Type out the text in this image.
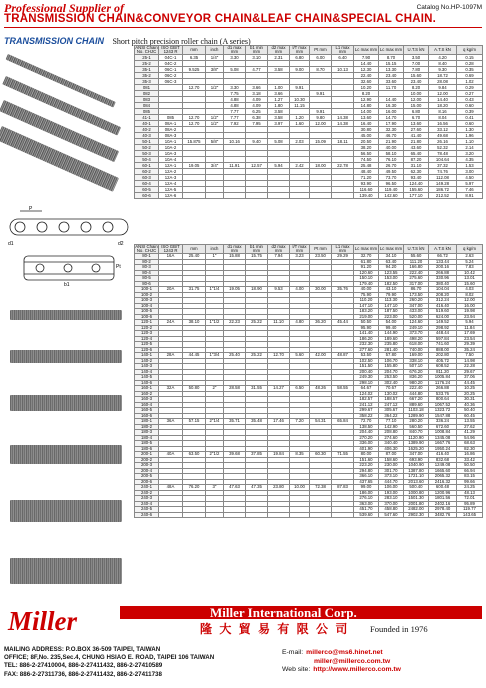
Professional Supplier of	Catalog No.HP-1097M
TRANSMISSION CHAIN&CONVEYOR CHAIN&LEAF CHAIN&SPECIAL CHAIN.
TRANSMISSION CHAIN Short pitch precision roller chain (A series)
P
d1	d2
Pt
b1
ANSI Chain No. CHJC	ISO GB/T 1243 R	mm	inch	d1 max mm	b1 min mm	d2 max mm	l/T max mm	Pt mm	L1 max mm	Lc max mm	Lc max mm	U.T.S kN	A.T.S kN	q kg/m
25-1	04C-1	6.35	1/4"	3.30	3.10	2.31	6.80	6.00	6.40	7.90	8.70	3.50	4.20	0.15
25-2	04C-2									14.40	15.15	7.00	8.40	0.28
35-1	06C-1	9.525	3/8"	5.08	4.77	3.58	9.00	8.70	10.13	12.30	13.30	7.80	9.30	0.35
35-2	06C-2									22.40	23.40	15.60	18.72	0.69
35-3	06C-3									32.60	33.60	23.40	28.08	1.02
081		12.70	1/2"	3.30	3.66	1.00	9.91			10.20	11.70	8.20	9.84	0.29
082				7.75	3.18	3.66		9.91		8.20		10.00	12.00	0.27
083				4.88	4.09	1.27	10.30			12.90	14.40	12.00	14.40	0.43
084				4.88	4.09	1.80	11.15			14.80	16.30	15.00	18.20	0.60
085				7.77	6.25	3.58		9.91		14.00	16.00	6.80	8.16	0.39
41-1	085	12.70	1/2"	7.77	6.38	3.58	1.20	9.80	14.38	13.60	14.70	6.70	8.04	0.41
40-1	08A-1	12.70	1/2"	7.92	7.95	3.97	1.60	12.00	14.38	16.40	17.90	13.60	16.56	0.60
40-2	08A-2									30.80	32.30	27.60	33.12	1.30
40-3	08A-3									45.00	46.70	41.40	49.68	1.96
50-1	10A-1	15.875	5/8"	10.16	9.40	5.08	2.03	15.09	18.11	20.50	21.90	21.80	26.16	1.10
50-2	10A-2									38.20	40.00	43.60	52.32	2.14
50-3	10A-3									56.50	58.10	65.40	78.48	3.20
50-4	10A-4									74.50	76.10	87.20	104.64	4.35
60-1	12A-1	19.05	3/4"	11.91	12.57	5.94	2.42	18.00	22.78	25.48	26.70	31.10	37.32	1.53
60-2	12A-2									48.40	49.50	62.30	74.76	3.00
60-3	12A-3									71.20	73.70	93.40	112.08	4.50
60-4	12A-4									93.90	96.50	124.40	149.28	5.97
60-5	12A-5									116.60	119.40	155.60	186.72	7.46
60-6	12A-6									139.40	142.60	177.10	212.52	8.91
ANSI Chain No. CHJC	ISO GB/T 1243 R	mm	inch	d1 max mm	b1 min mm	d2 max mm	l/T max mm	Pt mm	L1 max mm	Lc max mm	Lc max mm	U.T.S kN	A.T.S kN	q kg/m
80-1	16A	25.40	1"	15.88	15.75	7.94	3.23	23.50	29.29	32.70	34.10	55.60	66.72	2.63
80-2										61.80	63.40	111.20	133.44	5.24
80-3										91.20	94.20	166.80	200.16	7.83
80-4										120.60	123.55	222.40	266.88	10.42
80-5										150.10	153.00	275.60	330.96	13.01
80-6										179.40	182.50	317.00	380.40	15.60
100-1	20A	31.75	1"1/4	19.05	18.90	9.53	4.00	30.00	35.76	40.00	43.10	86.70	104.04	4.03
100-2										75.90	79.90	173.50	208.20	8.02
100-3										110.20	113.30	260.20	312.24	12.00
100-4										147.10	147.10	347.00	416.40	16.00
100-5										183.20	187.50	433.00	519.60	19.98
100-6										219.00	223.00	520.00	624.00	23.94
120-1	24A	38.10	1"1/2	22.23	25.22	11.10	4.80	36.20	45.44	50.50	54.00	124.60	149.52	5.94
120-2										95.90	99.40	249.10	298.92	11.84
120-3										141.40	144.90	373.70	448.44	17.69
120-4										186.20	189.60	498.20	597.84	23.54
120-5										232.30	235.80	618.00	741.60	29.39
120-6										277.60	281.40	740.00	888.00	35.24
140-1	28A	44.45	1"3/4	25.40	25.22	12.70	5.60	42.00	48.87	53.50	57.80	169.00	202.80	7.50
140-2										102.50	106.70	338.10	405.72	14.98
140-3										151.50	155.80	507.10	608.52	22.28
140-4										200.40	204.70	676.20	811.20	29.67
140-5										249.30	253.50	836.20	1005.84	37.06
140-6										298.10	302.40	980.20	1176.24	44.45
160-1	32A	50.80	2"	28.58	31.55	14.27	6.50	48.26	58.55	64.67	70.67	222.40	266.88	10.25
160-2										124.02	130.02	444.80	533.76	20.25
160-3										182.57	188.57	667.20	800.64	30.31
160-4										241.12	247.12	889.60	1067.52	40.36
160-5										299.67	305.67	1103.18	1323.72	50.40
160-6										358.22	364.22	1289.90	1547.88	60.45
180-1	36A	57.15	2"1/4	35.71	35.48	17.46	7.20	54.31	65.84	72.70	77.10	280.20	336.24	13.55
180-2										138.50	142.90	560.50	672.60	27.62
180-3										204.40	208.80	840.70	1008.84	41.29
180-4										270.20	274.60	1120.90	1345.08	54.96
180-5										336.00	340.40	1389.90	1667.76	68.63
180-6										401.90	406.30	1625.20	1950.24	82.30
200-1	40A	63.50	2"1/2	39.68	37.85	19.84	8.35	60.30	71.55	80.00	87.00	347.00	416.40	16.86
200-2										151.60	158.60	693.90	832.68	33.42
200-3										223.20	230.00	1040.90	1249.08	50.50
200-4										294.80	301.70	1387.80	1665.60	66.94
200-5										366.10	373.10	1721.10	2065.32	83.15
200-6										437.65	444.70	2013.60	2416.32	99.66
240-1	48A	76.20	3"	47.63	47.35	23.80	10.00	72.38	87.83	99.00	106.00	500.40	600.48	24.25
240-2										186.00	193.00	1000.80	1200.96	48.13
240-3										276.10	283.10	1501.30	1801.56	72.01
240-4										363.00	370.00	2001.80	2402.16	95.89
240-5										451.70	458.80	2482.00	2978.40	119.77
240-6										539.60	547.60	2902.30	3482.76	143.65
Miller	Miller International Corp.
隆 大 貿 易 有 限 公 司 Founded in 1976
MAILING ADDRESS: P.O.BOX 36-509 TAIPEI, TAIWAN
OFFICE; 8F,No. 235,Sec.4, CHUNG HSIAO E. ROAD, TAIPEI 106 TAIWAN
TEL: 886-2-27410004, 886-2-27411432, 886-2-27410589
FAX: 886-2-27311736, 886-2-27411432, 886-2-27411738
E-mail: millerco@ms6.hinet.net
miller@millerco.com.tw
Web site: http://www.millerco.com.tw
